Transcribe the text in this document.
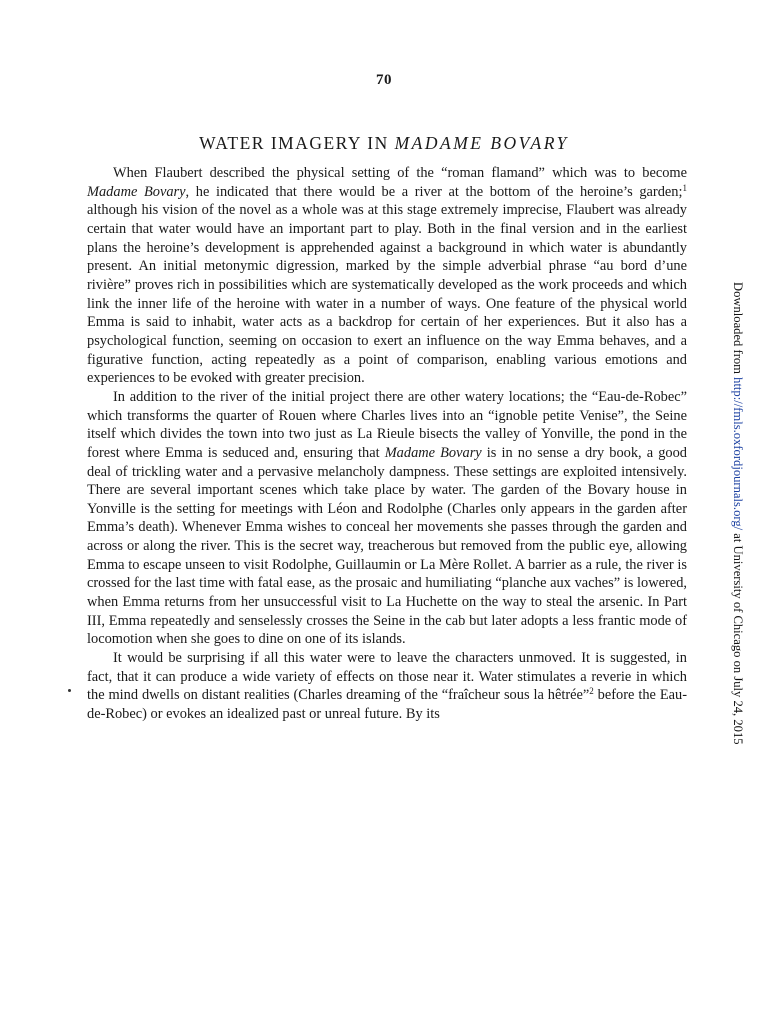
70
WATER IMAGERY IN MADAME BOVARY

When Flaubert described the physical setting of the “roman flamand” which was to become Madame Bovary, he indicated that there would be a river at the bottom of the heroine’s garden;$^1$ although his vision of the novel as a whole was at this stage extremely imprecise, Flaubert was already certain that water would have an important part to play. Both in the final version and in the earliest plans the heroine’s development is apprehended against a background in which water is abundantly present. An initial metonymic digression, marked by the simple adverbial phrase “au bord d’une rivière” proves rich in possibilities which are systematically developed as the work proceeds and which link the inner life of the heroine with water in a number of ways. One feature of the physical world Emma is said to inhabit, water acts as a backdrop for certain of her experiences. But it also has a psychological function, seeming on occasion to exert an influence on the way Emma behaves, and a figurative function, acting repeatedly as a point of comparison, enabling various emotions and experiences to be evoked with greater precision.

In addition to the river of the initial project there are other watery locations; the “Eau-de-Robec” which transforms the quarter of Rouen where Charles lives into an “ignoble petite Venise”, the Seine itself which divides the town into two just as La Rieule bisects the valley of Yonville, the pond in the forest where Emma is seduced and, ensuring that Madame Bovary is in no sense a dry book, a good deal of trickling water and a pervasive melancholy dampness. These settings are exploited intensively. There are several important scenes which take place by water. The garden of the Bovary house in Yonville is the setting for meetings with Léon and Rodolphe (Charles only appears in the garden after Emma’s death). Whenever Emma wishes to conceal her movements she passes through the garden and across or along the river. This is the secret way, treacherous but removed from the public eye, allowing Emma to escape unseen to visit Rodolphe, Guillaumin or La Mère Rollet. A barrier as a rule, the river is crossed for the last time with fatal ease, as the prosaic and humiliating “planche aux vaches” is lowered, when Emma returns from her unsuccessful visit to La Huchette on the way to steal the arsenic. In Part III, Emma repeatedly and senselessly crosses the Seine in the cab but later adopts a less frantic mode of locomotion when she goes to dine on one of its islands.

It would be surprising if all this water were to leave the characters unmoved. It is suggested, in fact, that it can produce a wide variety of effects on those near it. Water stimulates a reverie in which the mind dwells on distant realities (Charles dreaming of the “fraîcheur sous la hêtrée”$^2$ before the Eau-de-Robec) or evokes an idealized past or unreal future. By its

Downloaded from http://fmls.oxfordjournals.org/ at University of Chicago on July 24, 2015
